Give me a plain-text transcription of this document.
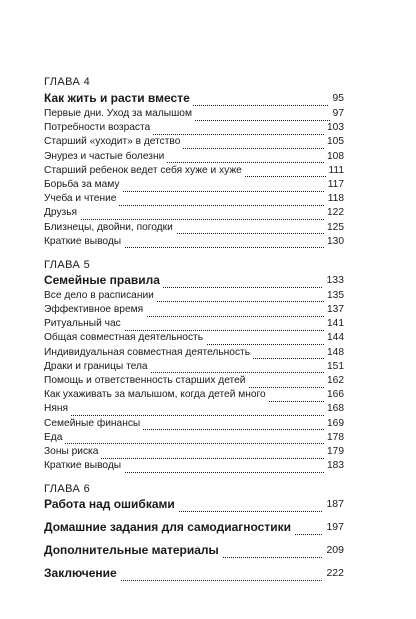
ГЛАВА 4
Как жить и расти вместе	95
Первые дни. Уход за малышом	97
Потребности возраста	103
Старший «уходит» в детство	105
Энурез и частые болезни	108
Старший ребенок ведет себя хуже и хуже	111
Борьба за маму	117
Учеба и чтение	118
Друзья	122
Близнецы, двойни, погодки	125
Краткие выводы	130
ГЛАВА 5
Семейные правила	133
Все дело в расписании	135
Эффективное время	137
Ритуальный час	141
Общая совместная деятельность	144
Индивидуальная совместная деятельность	148
Драки и границы тела	151
Помощь и ответственность старших детей	162
Как ухаживать за малышом, когда детей много	166
Няня	168
Семейные финансы	169
Еда	178
Зоны риска	179
Краткие выводы	183
ГЛАВА 6
Работа над ошибками	187
Домашние задания для самодиагностики	197
Дополнительные материалы	209
Заключение	222
